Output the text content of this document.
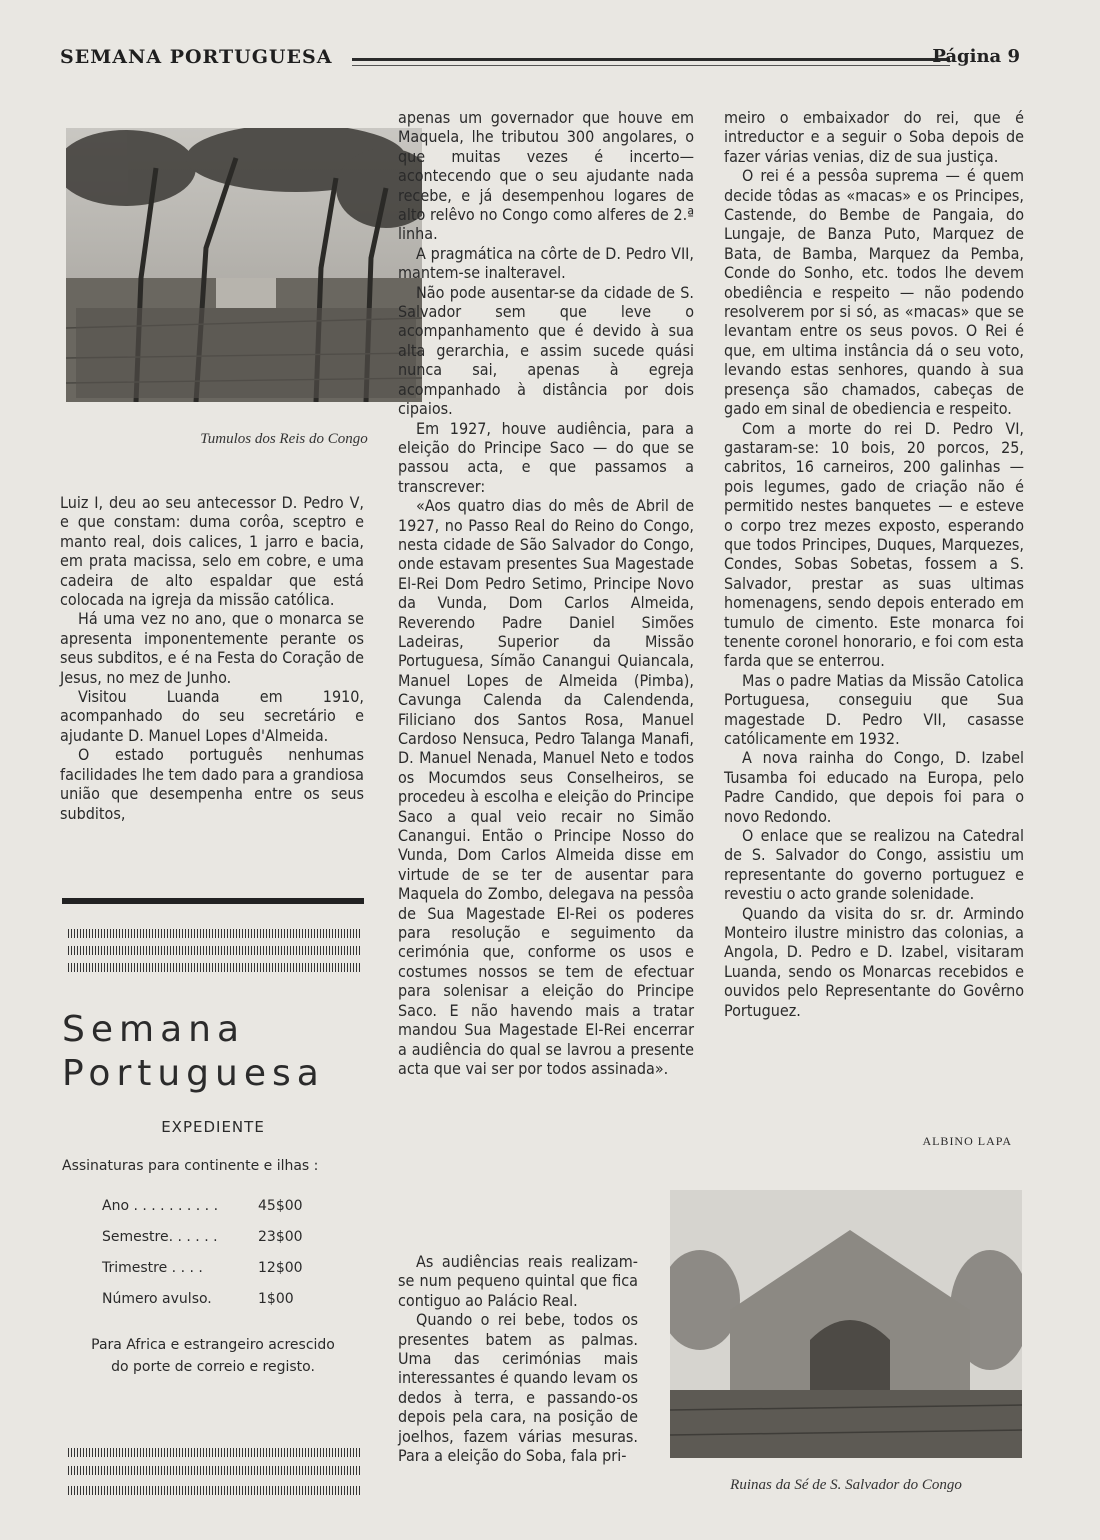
SEMANA PORTUGUESA	Página 9
Tumulos dos Reis do Congo

Luiz I, deu ao seu antecessor D. Pedro V, e que constam: duma corôa, sceptro e manto real, dois calices, 1 jarro e bacia, em prata macissa, selo em cobre, e uma cadeira de alto espaldar que está colocada na igreja da missão católica.

Há uma vez no ano, que o monarca se apresenta imponentemente perante os seus subditos, e é na Festa do Coração de Jesus, no mez de Junho.

Visitou Luanda em 1910, acompanhado do seu secretário e ajudante D. Manuel Lopes d'Almeida.

O estado português nenhumas facilidades lhe tem dado para a grandiosa união que desempenha entre os seus subditos,

Semana
Portuguesa
EXPEDIENTE
Assinaturas para continente e ilhas :
Ano . . . . . . . . . .	45$00
Semestre. . . . . .	23$00
Trimestre . . . .	12$00
Número avulso.	1$00
Para Africa e estrangeiro acrescido
do porte de correio e registo.

apenas um governador que houve em Maquela, lhe tributou 300 angolares, o que muitas vezes é incerto—acontecendo que o seu ajudante nada recebe, e já desempenhou logares de alto relêvo no Congo como alferes de 2.ª linha.

A pragmática na côrte de D. Pedro VII, mantem-se inalteravel.

Não pode ausentar-se da cidade de S. Salvador sem que leve o acompanhamento que é devido à sua alta gerarchia, e assim sucede quási nunca sai, apenas à egreja acompanhado à distância por dois cipaios.

Em 1927, houve audiência, para a eleição do Principe Saco — do que se passou acta, e que passamos a transcrever:

«Aos quatro dias do mês de Abril de 1927, no Passo Real do Reino do Congo, nesta cidade de São Salvador do Congo, onde estavam presentes Sua Magestade El-Rei Dom Pedro Setimo, Principe Novo da Vunda, Dom Carlos Almeida, Reverendo Padre Daniel Simões Ladeiras, Superior da Missão Portuguesa, Símão Canangui Quiancala, Manuel Lopes de Almeida (Pimba), Cavunga Calenda da Calendenda, Filiciano dos Santos Rosa, Manuel Cardoso Nensuca, Pedro Talanga Manafi, D. Manuel Nenada, Manuel Neto e todos os Mocumdos seus Conselheiros, se procedeu à escolha e eleição do Principe Saco a qual veio recair no Simão Canangui. Então o Principe Nosso do Vunda, Dom Carlos Almeida disse em virtude de se ter de ausentar para Maquela do Zombo, delegava na pessôa de Sua Magestade El-Rei os poderes para resolução e seguimento da cerimónia que, conforme os usos e costumes nossos se tem de efectuar para solenisar a eleição do Principe Saco. E não havendo mais a tratar mandou Sua Magestade El-Rei encerrar a audiência do qual se lavrou a presente acta que vai ser por todos assinada».

As audiências reais realizam-se num pequeno quintal que fica contiguo ao Palácio Real.

Quando o rei bebe, todos os presentes batem as palmas. Uma das cerimónias mais interessantes é quando levam os dedos à terra, e passando-os depois pela cara, na posição de joelhos, fazem várias mesuras. Para a eleição do Soba, fala pri-

meiro o embaixador do rei, que é intreductor e a seguir o Soba depois de fazer várias venias, diz de sua justiça.

O rei é a pessôa suprema — é quem decide tôdas as «macas» e os Principes, Castende, do Bembe de Pangaia, do Lungaje, de Banza Puto, Marquez de Bata, de Bamba, Marquez da Pemba, Conde do Sonho, etc. todos lhe devem obediência e respeito — não podendo resolverem por si só, as «macas» que se levantam entre os seus povos. O Rei é que, em ultima instância dá o seu voto, levando estas senhores, quando à sua presença são chamados, cabeças de gado em sinal de obediencia e respeito.

Com a morte do rei D. Pedro VI, gastaram-se: 10 bois, 20 porcos, 25, cabritos, 16 carneiros, 200 galinhas — pois legumes, gado de criação não é permitido nestes banquetes — e esteve o corpo trez mezes exposto, esperando que todos Principes, Duques, Marquezes, Condes, Sobas Sobetas, fossem a S. Salvador, prestar as suas ultimas homenagens, sendo depois enterado em tumulo de cimento. Este monarca foi tenente coronel honorario, e foi com esta farda que se enterrou.

Mas o padre Matias da Missão Catolica Portuguesa, conseguiu que Sua magestade D. Pedro VII, casasse católicamente em 1932.

A nova rainha do Congo, D. Izabel Tusamba foi educado na Europa, pelo Padre Candido, que depois foi para o novo Redondo.

O enlace que se realizou na Catedral de S. Salvador do Congo, assistiu um representante do governo portuguez e revestiu o acto grande solenidade.

Quando da visita do sr. dr. Armindo Monteiro ilustre ministro das colonias, a Angola, D. Pedro e D. Izabel, visitaram Luanda, sendo os Monarcas recebidos e ouvidos pelo Representante do Govêrno Portuguez.

ALBINO LAPA
Ruinas da Sé de S. Salvador do Congo
